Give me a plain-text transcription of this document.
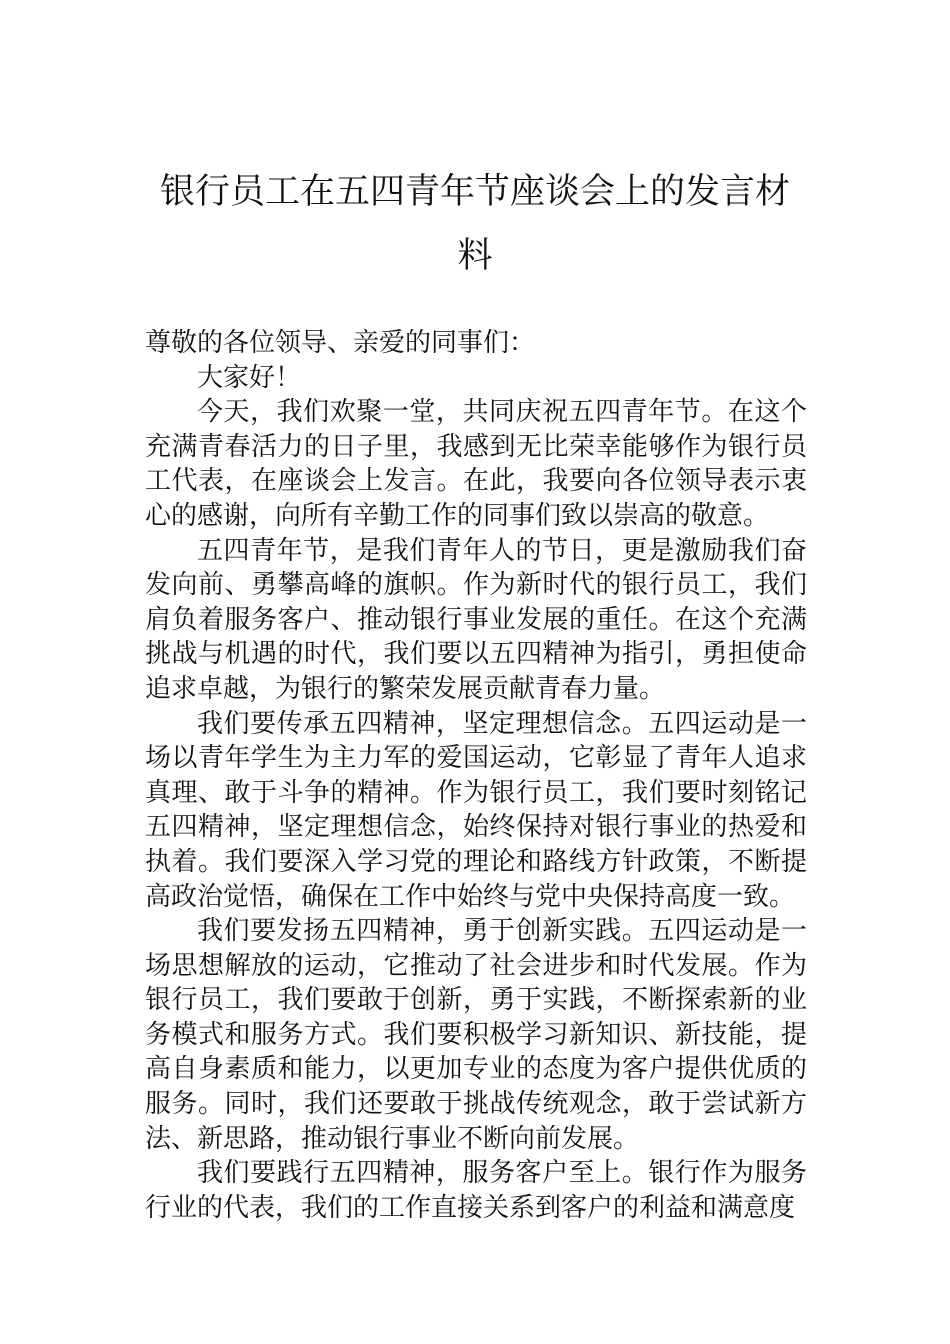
银行员工在五四青年节座谈会上的发言材料

尊敬的各位领导、亲爱的同事们：

大家好！

今天，我们欢聚一堂，共同庆祝五四青年节。在这个充满青春活力的日子里，我感到无比荣幸能够作为银行员工代表，在座谈会上发言。在此，我要向各位领导表示衷心的感谢，向所有辛勤工作的同事们致以崇高的敬意。

五四青年节，是我们青年人的节日，更是激励我们奋发向前、勇攀高峰的旗帜。作为新时代的银行员工，我们肩负着服务客户、推动银行事业发展的重任。在这个充满挑战与机遇的时代，我们要以五四精神为指引，勇担使命追求卓越，为银行的繁荣发展贡献青春力量。

我们要传承五四精神，坚定理想信念。五四运动是一场以青年学生为主力军的爱国运动，它彰显了青年人追求真理、敢于斗争的精神。作为银行员工，我们要时刻铭记五四精神，坚定理想信念，始终保持对银行事业的热爱和执着。我们要深入学习党的理论和路线方针政策，不断提高政治觉悟，确保在工作中始终与党中央保持高度一致。

我们要发扬五四精神，勇于创新实践。五四运动是一场思想解放的运动，它推动了社会进步和时代发展。作为银行员工，我们要敢于创新，勇于实践，不断探索新的业务模式和服务方式。我们要积极学习新知识、新技能，提高自身素质和能力，以更加专业的态度为客户提供优质的服务。同时，我们还要敢于挑战传统观念，敢于尝试新方法、新思路，推动银行事业不断向前发展。

我们要践行五四精神，服务客户至上。银行作为服务行业的代表，我们的工作直接关系到客户的利益和满意度
